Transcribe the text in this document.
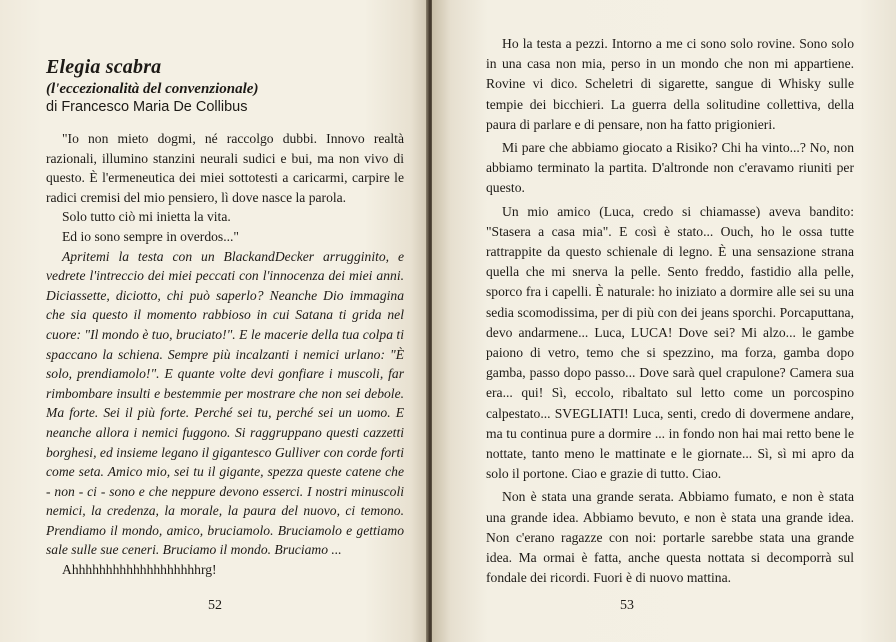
Elegia scabra
(l'eccezionalità del convenzionale)
di Francesco Maria De Collibus

"Io non mieto dogmi, né raccolgo dubbi. Innovo realtà razionali, illumino stanzini neurali sudici e bui, ma non vivo di questo. È l'ermeneutica dei miei sottotesti a caricarmi, carpire le radici cremisi del mio pensiero, lì dove nasce la parola.

Solo tutto ciò mi inietta la vita.

Ed io sono sempre in overdos..."

Apritemi la testa con un BlackandDecker arrugginito, e vedrete l'intreccio dei miei peccati con l'innocenza dei miei anni. Diciassette, diciotto, chi può saperlo? Neanche Dio immagina che sia questo il momento rabbioso in cui Satana ti grida nel cuore: "Il mondo è tuo, bruciato!". E le macerie della tua colpa ti spaccano la schiena. Sempre più incalzanti i nemici urlano: "È solo, prendiamolo!". E quante volte devi gonfiare i muscoli, far rimbombare insulti e bestemmie per mostrare che non sei debole. Ma forte. Sei il più forte. Perché sei tu, perché sei un uomo. E neanche allora i nemici fuggono. Si raggruppano questi cazzetti borghesi, ed insieme legano il gigantesco Gulliver con corde forti come seta. Amico mio, sei tu il gigante, spezza queste catene che - non - ci - sono e che neppure devono esserci. I nostri minuscoli nemici, la credenza, la morale, la paura del nuovo, ci temono. Prendiamo il mondo, amico, bruciamolo. Bruciamolo e gettiamo sale sulle sue ceneri. Bruciamo il mondo. Bruciamo ...

Ahhhhhhhhhhhhhhhhhhhrg!

52

Ho la testa a pezzi. Intorno a me ci sono solo rovine. Sono solo in una casa non mia, perso in un mondo che non mi appartiene. Rovine vi dico. Scheletri di sigarette, sangue di Whisky sulle tempie dei bicchieri. La guerra della solitudine collettiva, della paura di parlare e di pensare, non ha fatto prigionieri.

Mi pare che abbiamo giocato a Risiko? Chi ha vinto...? No, non abbiamo terminato la partita. D'altronde non c'eravamo riuniti per questo.

Un mio amico (Luca, credo si chiamasse) aveva bandito: "Stasera a casa mia". E così è stato... Ouch, ho le ossa tutte rattrappite da questo schienale di legno. È una sensazione strana quella che mi snerva la pelle. Sento freddo, fastidio alla pelle, sporco fra i capelli. È naturale: ho iniziato a dormire alle sei su una sedia scomodissima, per di più con dei jeans sporchi. Porcaputtana, devo andarmene... Luca, LUCA! Dove sei? Mi alzo... le gambe paiono di vetro, temo che si spezzino, ma forza, gamba dopo gamba, passo dopo passo... Dove sarà quel crapulone? Camera sua era... qui! Sì, eccolo, ribaltato sul letto come un porcospino calpestato... SVEGLIATI! Luca, senti, credo di dovermene andare, ma tu continua pure a dormire ... in fondo non hai mai retto bene le nottate, tanto meno le mattinate e le giornate... Sì, sì mi apro da solo il portone. Ciao e grazie di tutto. Ciao.

Non è stata una grande serata. Abbiamo fumato, e non è stata una grande idea. Abbiamo bevuto, e non è stata una grande idea. Non c'erano ragazze con noi: portarle sarebbe stata una grande idea. Ma ormai è fatta, anche questa nottata si decomporrà sul fondale dei ricordi. Fuori è di nuovo mattina.

53
